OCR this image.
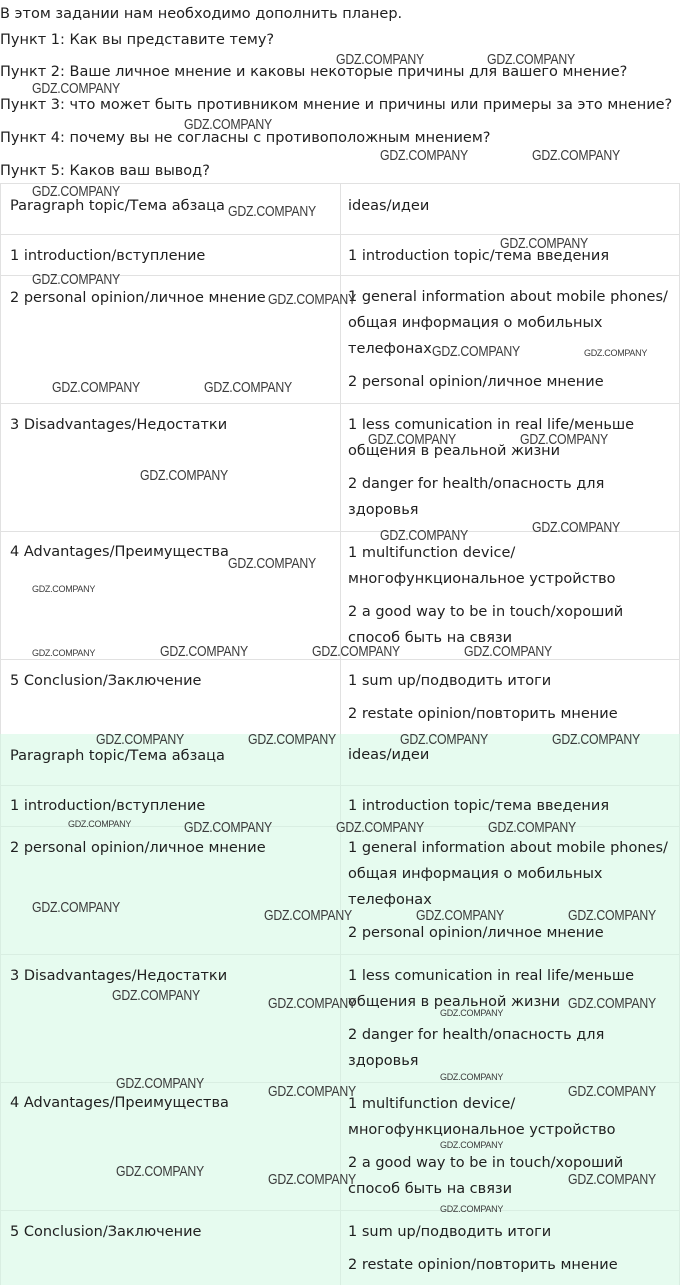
В этом задании нам необходимо дополнить планер.

Пункт 1: Как вы представите тему?

Пункт 2: Ваше личное мнение и каковы некоторые причины для вашего мнение?

Пункт 3: что может быть противником мнение и причины или примеры за это мнение?

Пункт 4: почему вы не согласны с противоположным мнением?

Пункт 5: Каков ваш вывод?

Paragraph topic/Тема абзаца	ideas/идеи

1 introduction/вступление	1 introduction topic/тема введения

2 personal opinion/личное мнение	1 general information about mobile phones/

общая информация о мобильных

телефонах

2 personal opinion/личное мнение

3 Disadvantages/Недостатки	1 less comunication in real life/меньше

общения в реальной жизни

2 danger for health/опасность для

здоровья

4 Advantages/Преимущества	1 multifunction device/

многофункциональное устройство

2 a good way to be in touch/хороший

способ быть на связи

5 Conclusion/Заключение	1 sum up/подводить итоги

2 restate opinion/повторить мнение

Paragraph topic/Тема абзаца	ideas/идеи

1 introduction/вступление	1 introduction topic/тема введения

2 personal opinion/личное мнение	1 general information about mobile phones/

общая информация о мобильных

телефонах

2 personal opinion/личное мнение

3 Disadvantages/Недостатки	1 less comunication in real life/меньше

общения в реальной жизни

2 danger for health/опасность для

здоровья

4 Advantages/Преимущества	1 multifunction device/

многофункциональное устройство

2 a good way to be in touch/хороший

способ быть на связи

5 Conclusion/Заключение	1 sum up/подводить итоги

2 restate opinion/повторить мнение

GDZ.COMPANY	GDZ.COMPANY
GDZ.COMPANY
GDZ.COMPANY
GDZ.COMPANY	GDZ.COMPANY
GDZ.COMPANY
GDZ.COMPANY
GDZ.COMPANY
GDZ.COMPANY
GDZ.COMPANY
GDZ.COMPANY	GDZ.COMPANY
GDZ.COMPANY	GDZ.COMPANY
GDZ.COMPANY	GDZ.COMPANY
GDZ.COMPANY
GDZ.COMPANY
GDZ.COMPANY
GDZ.COMPANY
GDZ.COMPANY
GDZ.COMPANY	GDZ.COMPANY	GDZ.COMPANY	GDZ.COMPANY
GDZ.COMPANY	GDZ.COMPANY	GDZ.COMPANY	GDZ.COMPANY
GDZ.COMPANY	GDZ.COMPANY	GDZ.COMPANY	GDZ.COMPANY
GDZ.COMPANY	GDZ.COMPANY	GDZ.COMPANY	GDZ.COMPANY
GDZ.COMPANY	GDZ.COMPANY	GDZ.COMPANY
GDZ.COMPANY
GDZ.COMPANY
GDZ.COMPANY	GDZ.COMPANY	GDZ.COMPANY
GDZ.COMPANY
GDZ.COMPANY	GDZ.COMPANY	GDZ.COMPANY
GDZ.COMPANY
